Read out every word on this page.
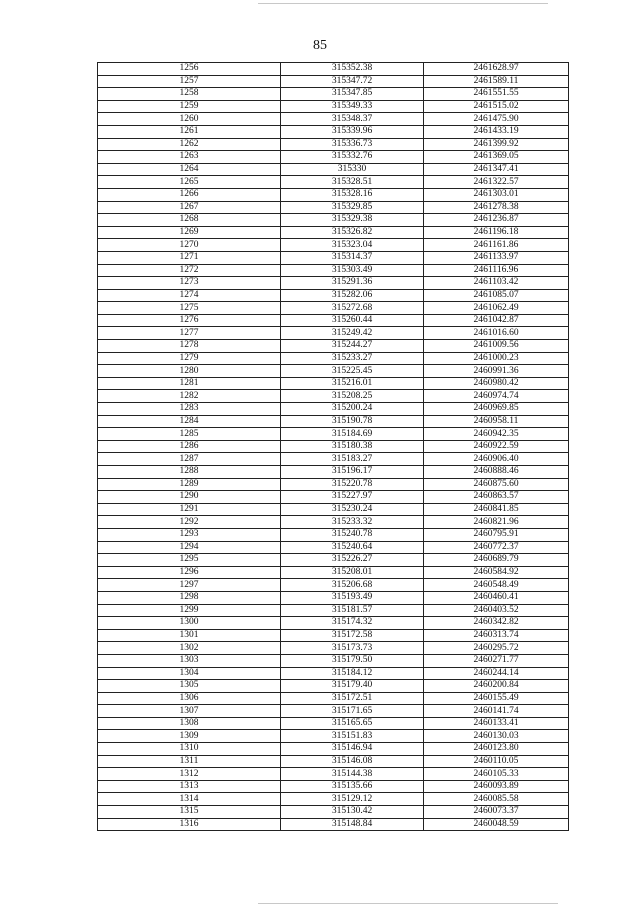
85
1256	315352.38	2461628.97
1257	315347.72	2461589.11
1258	315347.85	2461551.55
1259	315349.33	2461515.02
1260	315348.37	2461475.90
1261	315339.96	2461433.19
1262	315336.73	2461399.92
1263	315332.76	2461369.05
1264	315330	2461347.41
1265	315328.51	2461322.57
1266	315328.16	2461303.01
1267	315329.85	2461278.38
1268	315329.38	2461236.87
1269	315326.82	2461196.18
1270	315323.04	2461161.86
1271	315314.37	2461133.97
1272	315303.49	2461116.96
1273	315291.36	2461103.42
1274	315282.06	2461085.07
1275	315272.68	2461062.49
1276	315260.44	2461042.87
1277	315249.42	2461016.60
1278	315244.27	2461009.56
1279	315233.27	2461000.23
1280	315225.45	2460991.36
1281	315216.01	2460980.42
1282	315208.25	2460974.74
1283	315200.24	2460969.85
1284	315190.78	2460958.11
1285	315184.69	2460942.35
1286	315180.38	2460922.59
1287	315183.27	2460906.40
1288	315196.17	2460888.46
1289	315220.78	2460875.60
1290	315227.97	2460863.57
1291	315230.24	2460841.85
1292	315233.32	2460821.96
1293	315240.78	2460795.91
1294	315240.64	2460772.37
1295	315226.27	2460689.79
1296	315208.01	2460584.92
1297	315206.68	2460548.49
1298	315193.49	2460460.41
1299	315181.57	2460403.52
1300	315174.32	2460342.82
1301	315172.58	2460313.74
1302	315173.73	2460295.72
1303	315179.50	2460271.77
1304	315184.12	2460244.14
1305	315179.40	2460200.84
1306	315172.51	2460155.49
1307	315171.65	2460141.74
1308	315165.65	2460133.41
1309	315151.83	2460130.03
1310	315146.94	2460123.80
1311	315146.08	2460110.05
1312	315144.38	2460105.33
1313	315135.66	2460093.89
1314	315129.12	2460085.58
1315	315130.42	2460073.37
1316	315148.84	2460048.59
